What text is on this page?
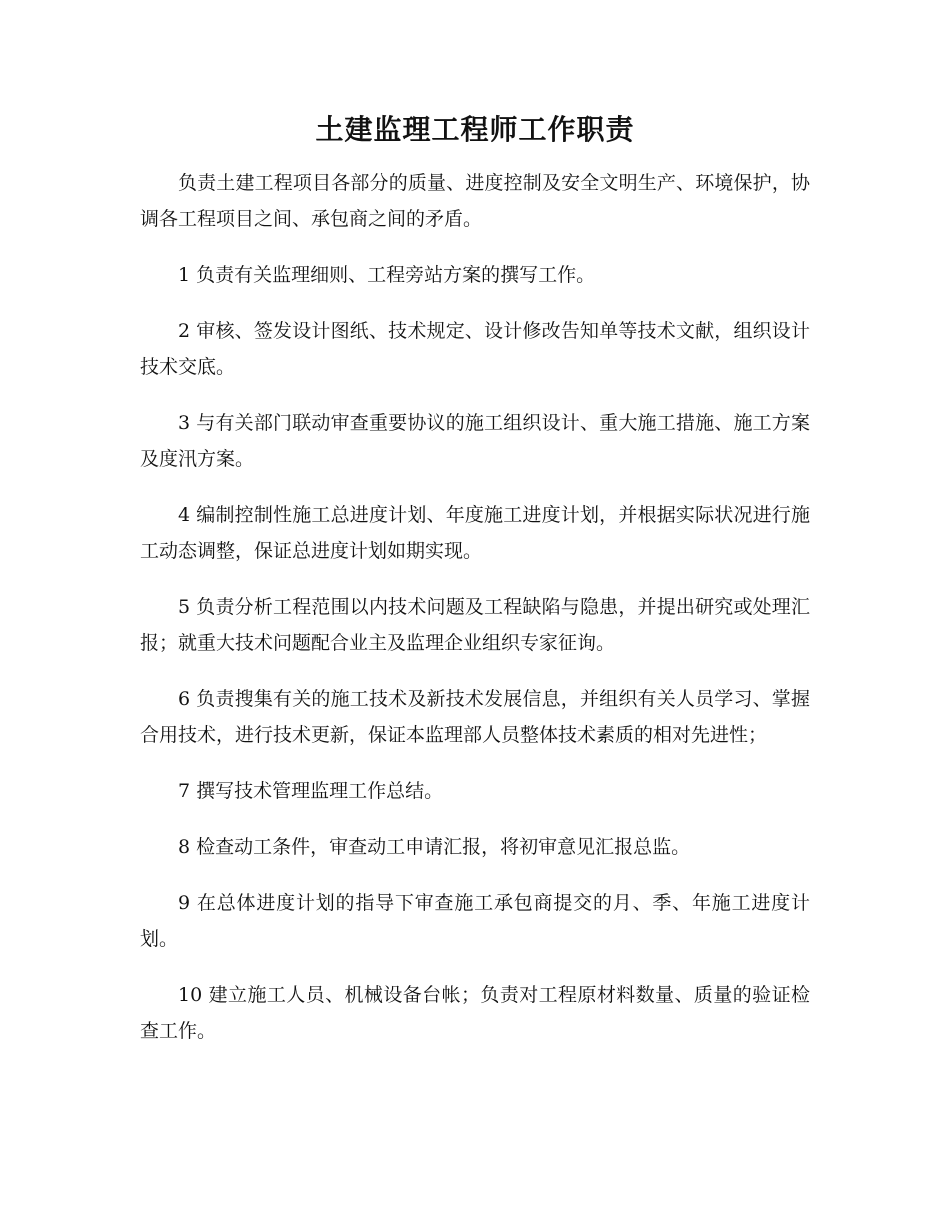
土建监理工程师工作职责

负责土建工程项目各部分的质量、进度控制及安全文明生产、环境保护，协调各工程项目之间、承包商之间的矛盾。

1 负责有关监理细则、工程旁站方案的撰写工作。

2 审核、签发设计图纸、技术规定、设计修改告知单等技术文献，组织设计技术交底。

3 与有关部门联动审查重要协议的施工组织设计、重大施工措施、施工方案及度汛方案。

4 编制控制性施工总进度计划、年度施工进度计划，并根据实际状况进行施工动态调整，保证总进度计划如期实现。

5 负责分析工程范围以内技术问题及工程缺陷与隐患，并提出研究或处理汇报；就重大技术问题配合业主及监理企业组织专家征询。

6 负责搜集有关的施工技术及新技术发展信息，并组织有关人员学习、掌握合用技术，进行技术更新，保证本监理部人员整体技术素质的相对先进性；

7 撰写技术管理监理工作总结。

8 检查动工条件，审查动工申请汇报，将初审意见汇报总监。

9 在总体进度计划的指导下审查施工承包商提交的月、季、年施工进度计划。

10 建立施工人员、机械设备台帐；负责对工程原材料数量、质量的验证检查工作。
